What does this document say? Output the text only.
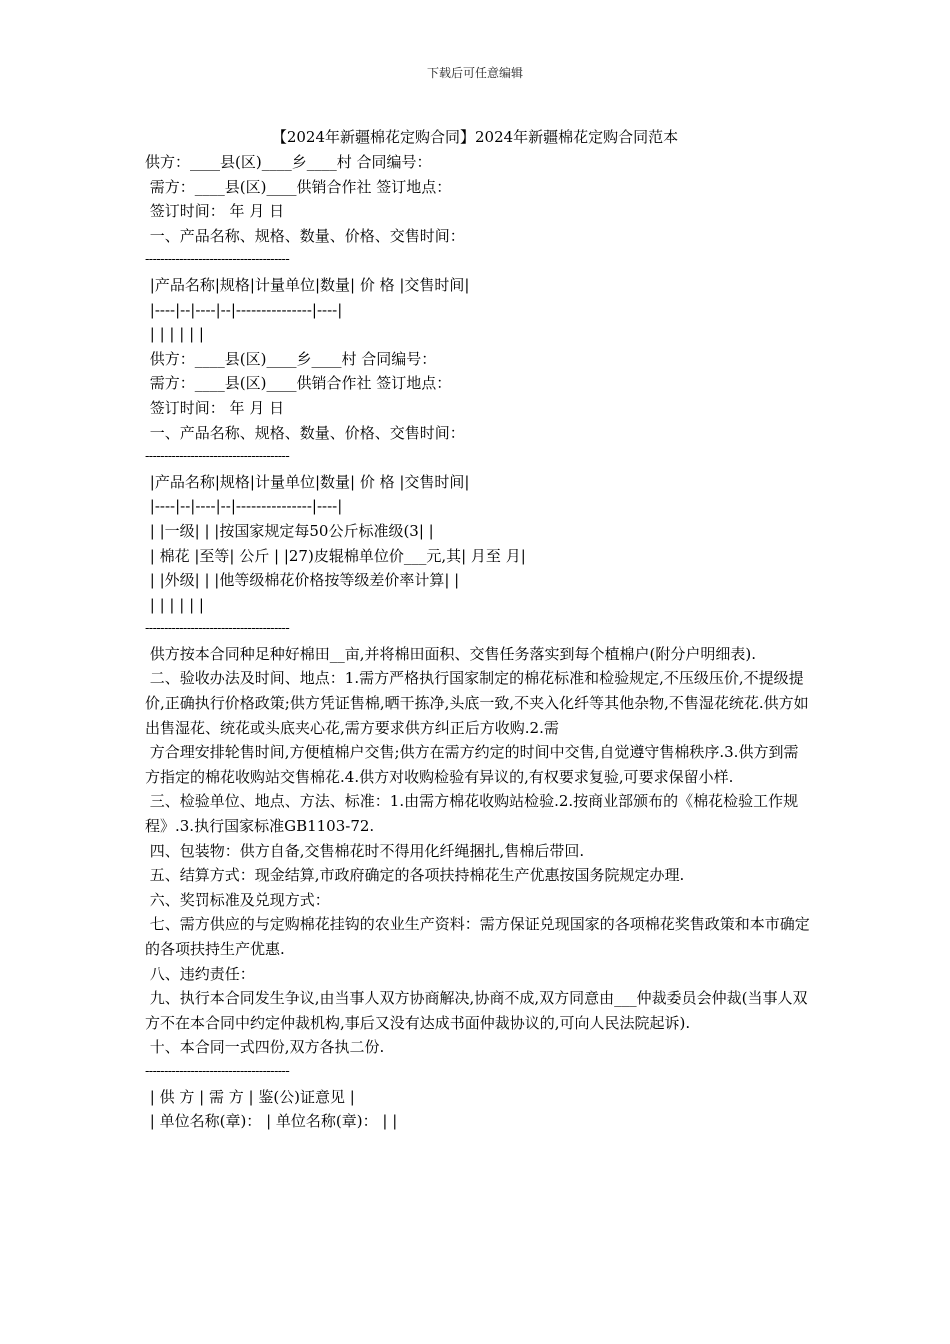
下载后可任意编辑
【2024年新疆棉花定购合同】2024年新疆棉花定购合同范本

供方：____县(区)____乡____村 合同编号：

需方：____县(区)____供销合作社 签订地点：

签订时间： 年 月 日

一、产品名称、规格、数量、价格、交售时间：

--------------------------------------

|产品名称|规格|计量单位|数量| 价 格 |交售时间|

|----|--|----|--|---------------|----|

| | | | | |

供方：____县(区)____乡____村 合同编号：

需方：____县(区)____供销合作社 签订地点：

签订时间： 年 月 日

一、产品名称、规格、数量、价格、交售时间：

--------------------------------------

|产品名称|规格|计量单位|数量| 价 格 |交售时间|

|----|--|----|--|---------------|----|

| |一级| | |按国家规定每50公斤标准级(3| |

| 棉花 |至等| 公斤 | |27)皮辊棉单位价___元,其| 月至 月|

| |外级| | |他等级棉花价格按等级差价率计算| |

| | | | | |

--------------------------------------

供方按本合同种足种好棉田__亩,并将棉田面积、交售任务落实到每个植棉户(附分户明细表).

二、验收办法及时间、地点：1.需方严格执行国家制定的棉花标准和检验规定,不压级压价,不提级提价,正确执行价格政策;供方凭证售棉,晒干拣净,头底一致,不夹入化纤等其他杂物,不售湿花统花.供方如出售湿花、统花或头底夹心花,需方要求供方纠正后方收购.2.需

方合理安排轮售时间,方便植棉户交售;供方在需方约定的时间中交售,自觉遵守售棉秩序.3.供方到需方指定的棉花收购站交售棉花.4.供方对收购检验有异议的,有权要求复验,可要求保留小样.

三、检验单位、地点、方法、标准：1.由需方棉花收购站检验.2.按商业部颁布的《棉花检验工作规程》.3.执行国家标准GB1103-72.

四、包装物：供方自备,交售棉花时不得用化纤绳捆扎,售棉后带回.

五、结算方式：现金结算,市政府确定的各项扶持棉花生产优惠按国务院规定办理.

六、奖罚标准及兑现方式：

七、需方供应的与定购棉花挂钩的农业生产资料：需方保证兑现国家的各项棉花奖售政策和本市确定的各项扶持生产优惠.

八、违约责任：

九、执行本合同发生争议,由当事人双方协商解决,协商不成,双方同意由___仲裁委员会仲裁(当事人双方不在本合同中约定仲裁机构,事后又没有达成书面仲裁协议的,可向人民法院起诉).

十、本合同一式四份,双方各执二份.

--------------------------------------

| 供 方 | 需 方 | 鉴(公)证意见 |

| 单位名称(章)： | 单位名称(章)： | |
